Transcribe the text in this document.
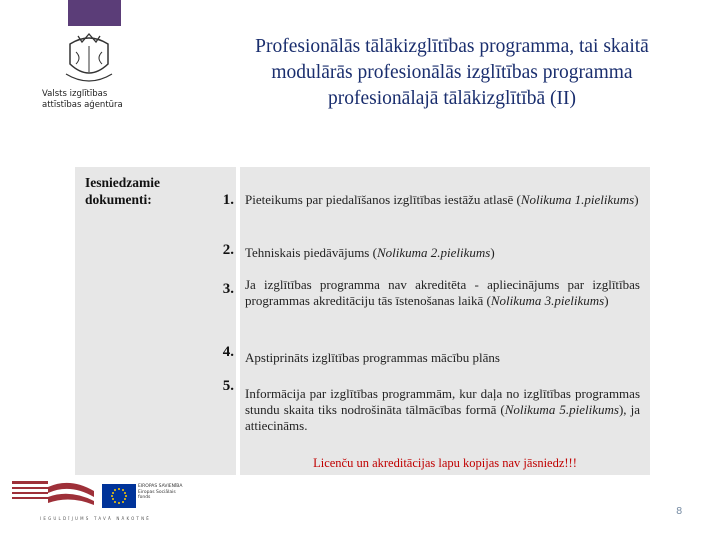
Valsts izglītības
attīstības aģentūra
Profesionālās tālākizglītības programma, tai skaitā modulārās profesionālās izglītības programma profesionālajā tālākizglītībā (II)
Iesniedzamie dokumenti:	1. Pieteikums par piedalīšanos izglītības iestāžu atlasē (Nolikuma 1.pielikums)
2. Tehniskais piedāvājums (Nolikuma 2.pielikums)
3. Ja izglītības programma nav akreditēta - apliecinājums par izglītības programmas akreditāciju tās īstenošanas laikā (Nolikuma 3.pielikums)
4. Apstiprināts izglītības programmas mācību plāns
5. Informācija par izglītības programmām, kur daļa no izglītības programmas stundu skaita tiks nodrošināta tālmācības formā (Nolikuma 5.pielikums), ja attiecināms.
Licenču un akreditācijas lapu kopijas nav jāsniedz!!!
EIROPAS SAVIENĪBA Eiropas Sociālais fonds
IEGULDĪJUMS TAVĀ NĀKOTNĒ
8
